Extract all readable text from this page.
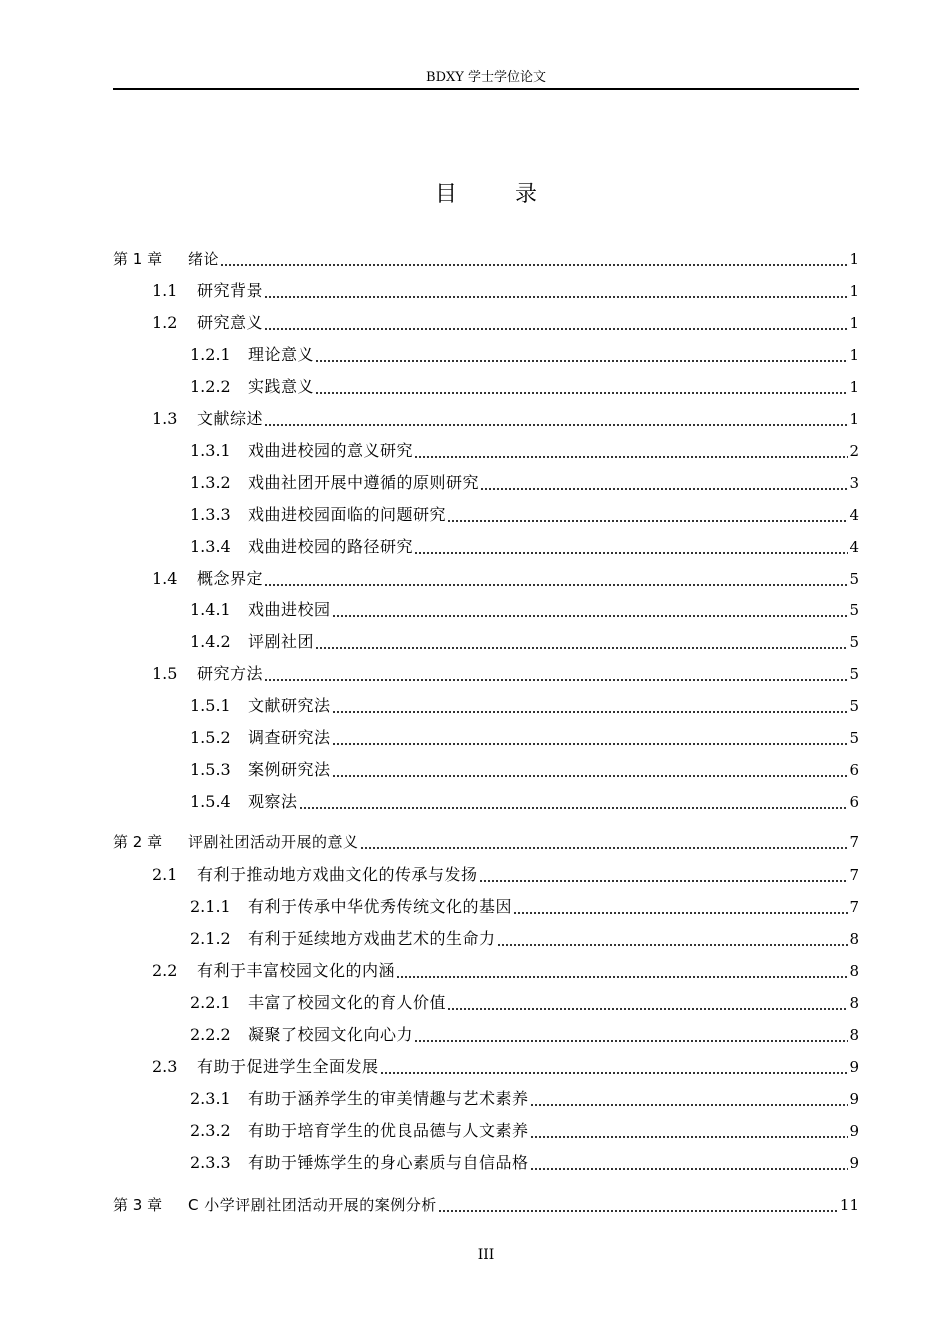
BDXY 学士学位论文
目录
第 1 章	绪论	1
1.1	研究背景	1
1.2	研究意义	1
1.2.1	理论意义	1
1.2.2	实践意义	1
1.3	文献综述	1
1.3.1	戏曲进校园的意义研究	2
1.3.2	戏曲社团开展中遵循的原则研究	3
1.3.3	戏曲进校园面临的问题研究	4
1.3.4	戏曲进校园的路径研究	4
1.4	概念界定	5
1.4.1	戏曲进校园	5
1.4.2	评剧社团	5
1.5	研究方法	5
1.5.1	文献研究法	5
1.5.2	调查研究法	5
1.5.3	案例研究法	6
1.5.4	观察法	6
第 2 章	评剧社团活动开展的意义	7
2.1	有利于推动地方戏曲文化的传承与发扬	7
2.1.1	有利于传承中华优秀传统文化的基因	7
2.1.2	有利于延续地方戏曲艺术的生命力	8
2.2	有利于丰富校园文化的内涵	8
2.2.1	丰富了校园文化的育人价值	8
2.2.2	凝聚了校园文化向心力	8
2.3	有助于促进学生全面发展	9
2.3.1	有助于涵养学生的审美情趣与艺术素养	9
2.3.2	有助于培育学生的优良品德与人文素养	9
2.3.3	有助于锤炼学生的身心素质与自信品格	9
第 3 章	C 小学评剧社团活动开展的案例分析	11
III
